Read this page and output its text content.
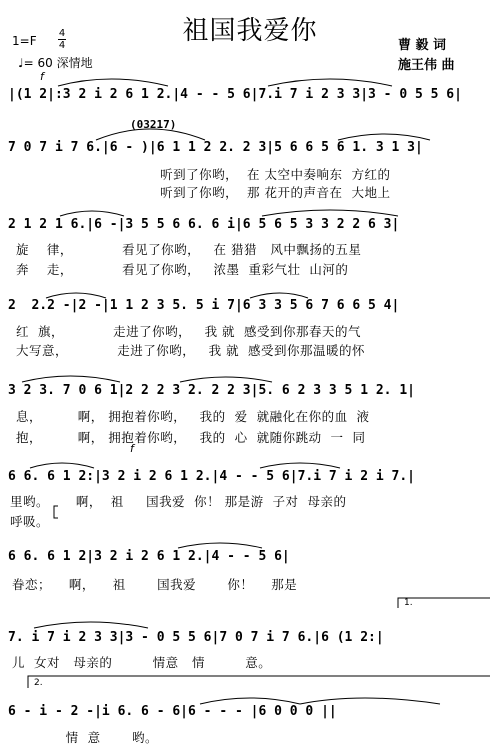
祖国我爱你
1=F
4
4
♩= 60 深情地
曹 毅 词
施王伟 曲
f
f
(03217)
|(1 2|:3 2 i 2 6 1 2.|4 - - 5 6|7.i 7 i 2 3 3|3 - 0 5 5 6|
7 0 7 i 7 6.|6 - )|6 1 1 2 2. 2 3|5 6 6 5 6 1. 3 1 3|
听到了你哟，  在 太空中奏响东  方红的
听到了你哟，  那 花开的声音在  大地上
2 1 2 1 6.|6 -|3 5 5 6 6. 6 i|6 5 6 5 3 3 2 2 6 3|
旋    律，           看见了你哟，   在 猎猎   风中飘扬的五星
奔    走，           看见了你哟，   浓墨  重彩气壮  山河的
2  2.2 -|2 -|1 1 2 3 5. 5 i 7|6 3 3 5 6 7 6 6 5 4|
红  旗，           走进了你哟，   我 就  感受到你那春天的气
大写意，           走进了你哟，   我 就  感受到你那温暖的怀
3 2 3. 7 0 6 1|2 2 2 3 2. 2 2 3|5. 6 2 3 3 5 1 2. 1|
息，        啊， 拥抱着你哟，   我的  爱  就融化在你的血  液
抱，        啊， 拥抱着你哟，   我的  心  就随你跳动  一  同
6 6. 6 1 2:|3 2 i 2 6 1 2.|4 - - 5 6|7.i 7 i 2 i 7.|
里哟。      啊，  祖     国我爱  你！ 那是游  子对  母亲的
呼吸。
6 6. 6 1 2|3 2 i 2 6 1 2.|4 - - 5 6|
眷恋；    啊，    祖       国我爱       你！    那是
1.
7. i 7 i 2 3 3|3 - 0 5 5 6|7 0 7 i 7 6.|6 (1 2:|
儿  女对   母亲的         情意   情         意。
2.
6 - i - 2 -|i 6. 6 - 6|6 - - - |6 0 0 0 ||
情  意       哟。
